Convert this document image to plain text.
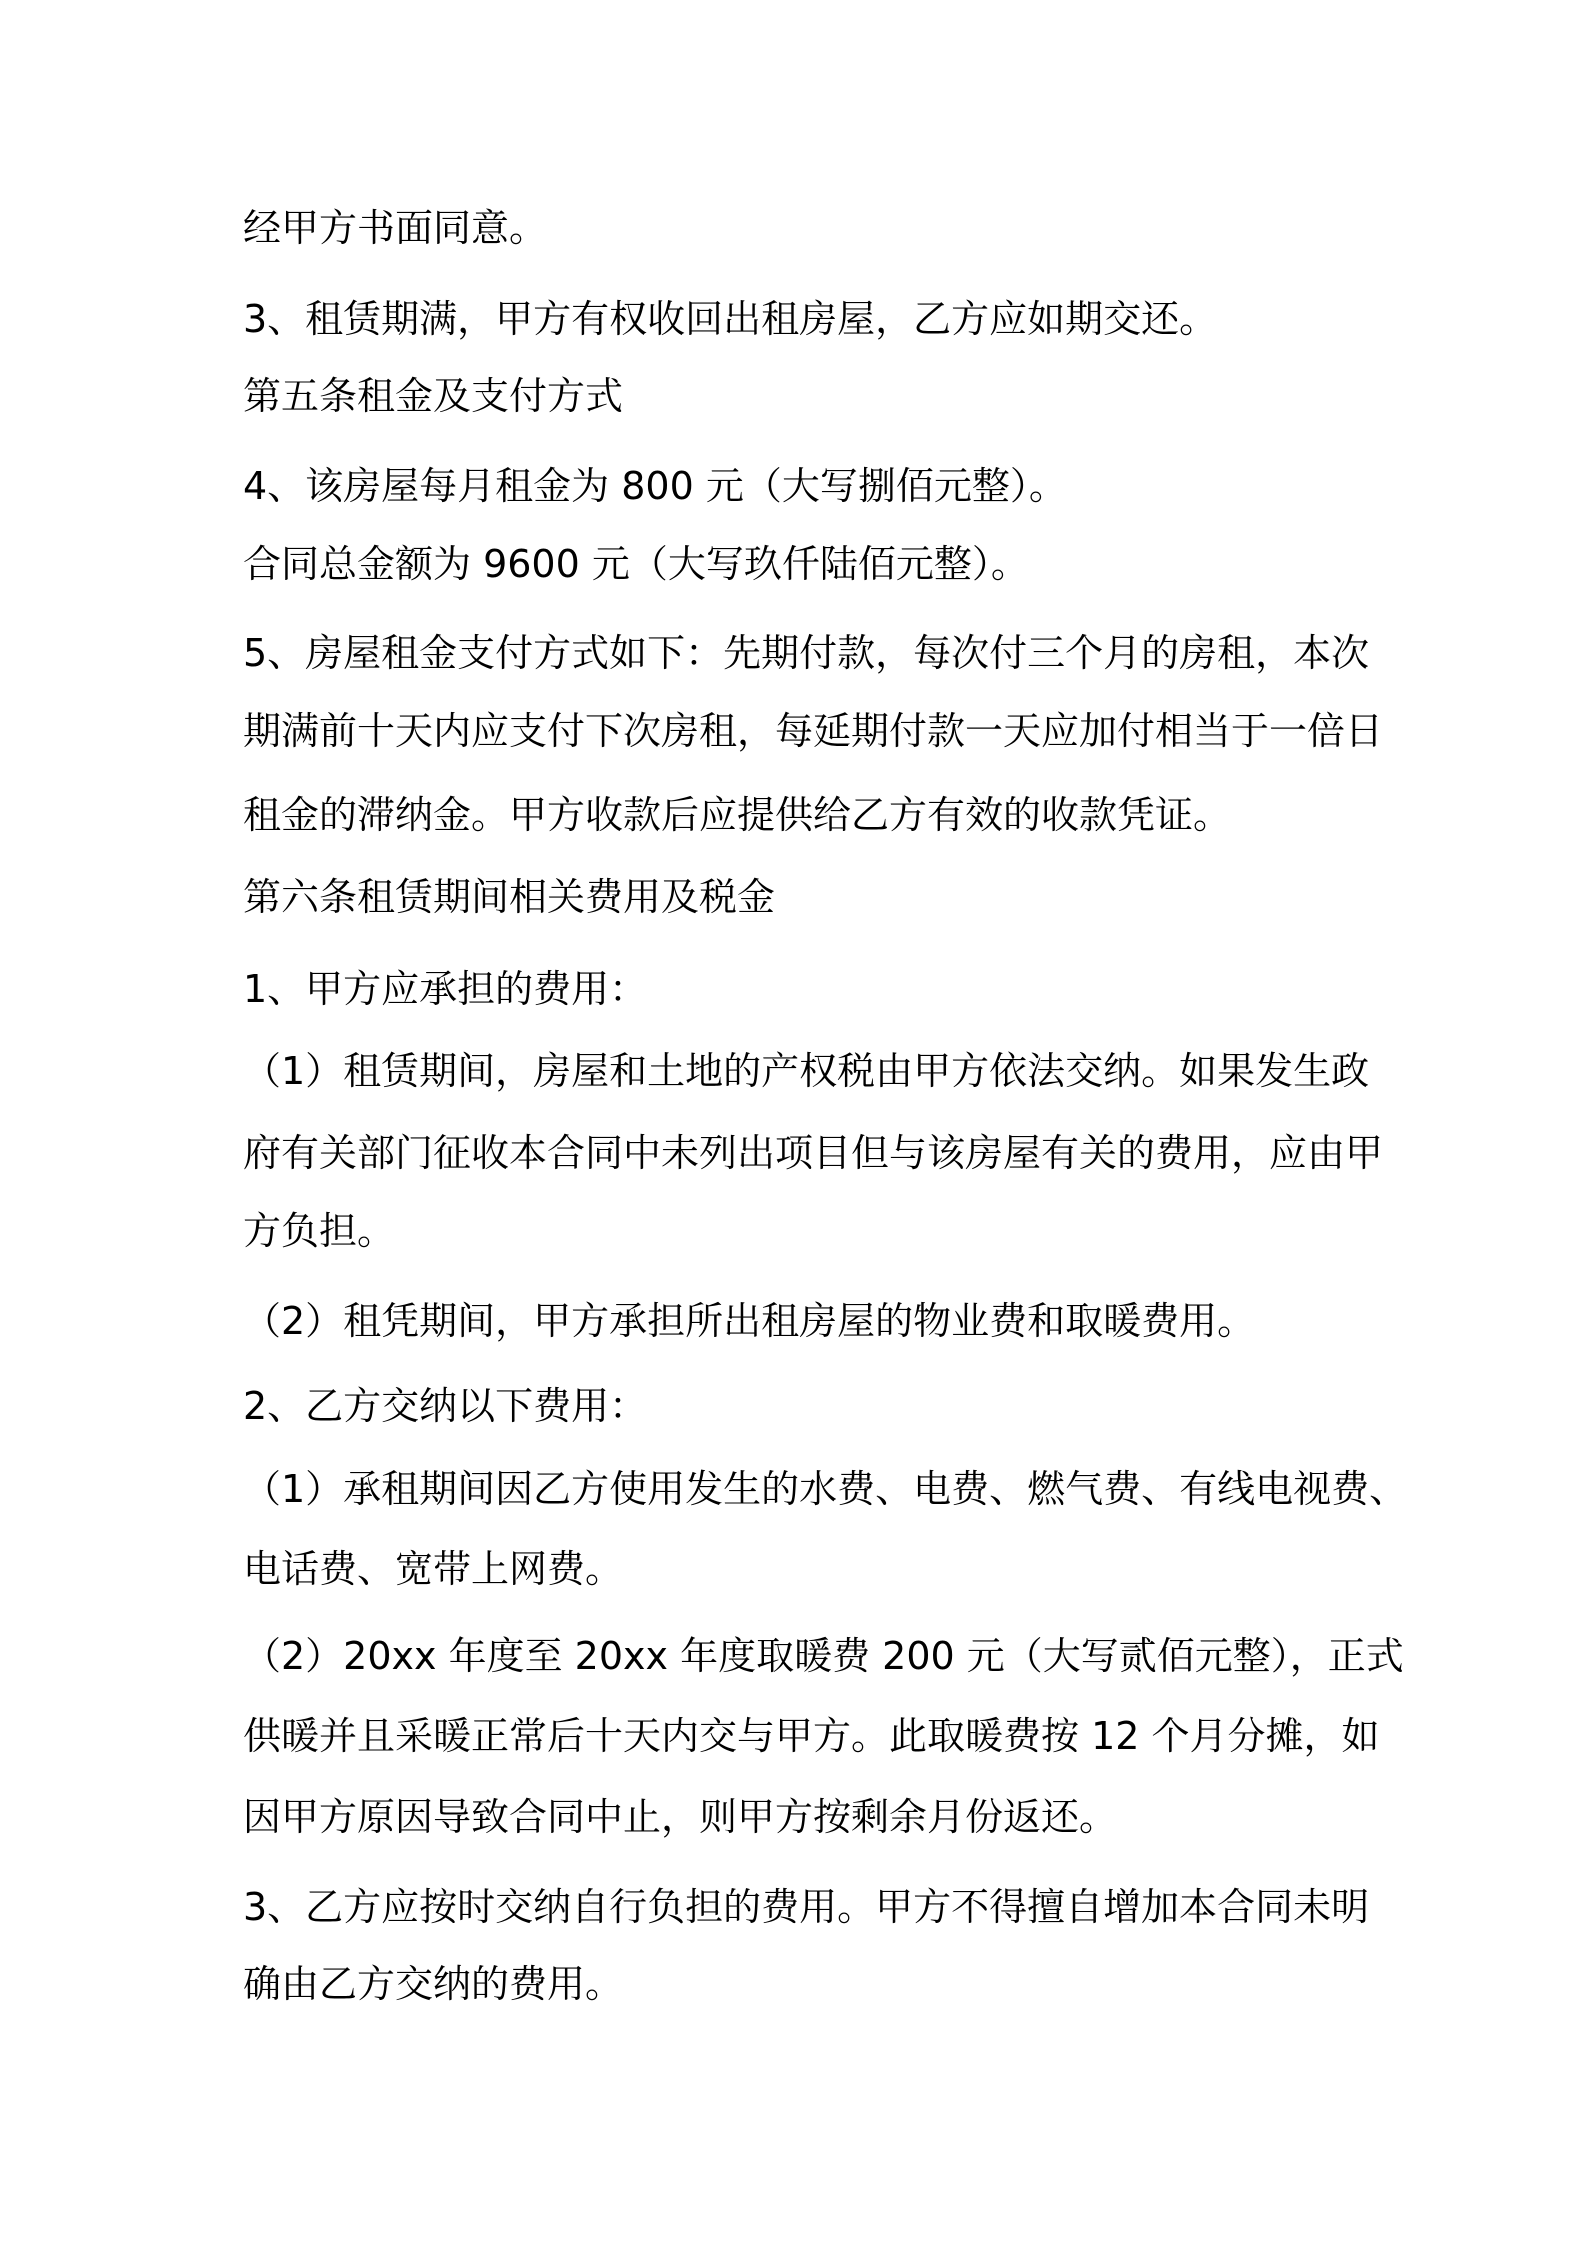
经甲方书面同意。
3、租赁期满，甲方有权收回出租房屋，乙方应如期交还。
第五条租金及支付方式
4、该房屋每月租金为 800 元（大写捌佰元整）。
合同总金额为 9600 元（大写玖仟陆佰元整）。
5、房屋租金支付方式如下：先期付款，每次付三个月的房租，本次
期满前十天内应支付下次房租，每延期付款一天应加付相当于一倍日
租金的滞纳金。甲方收款后应提供给乙方有效的收款凭证。
第六条租赁期间相关费用及税金
1、甲方应承担的费用：
（1）租赁期间，房屋和土地的产权税由甲方依法交纳。如果发生政
府有关部门征收本合同中未列出项目但与该房屋有关的费用，应由甲
方负担。
（2）租凭期间，甲方承担所出租房屋的物业费和取暖费用。
2、乙方交纳以下费用：
（1）承租期间因乙方使用发生的水费、电费、燃气费、有线电视费、
电话费、宽带上网费。
（2）20xx 年度至 20xx 年度取暖费 200 元（大写贰佰元整），正式
供暖并且采暖正常后十天内交与甲方。此取暖费按 12 个月分摊，如
因甲方原因导致合同中止，则甲方按剩余月份返还。
3、乙方应按时交纳自行负担的费用。甲方不得擅自增加本合同未明
确由乙方交纳的费用。
